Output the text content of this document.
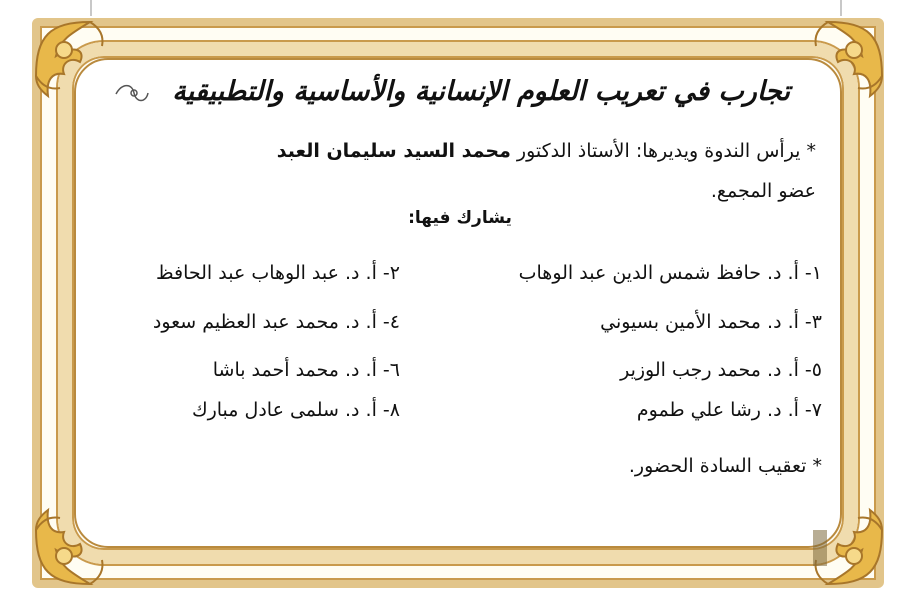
تجارب في تعريب العلوم الإنسانية والأساسية والتطبيقية
* يرأس الندوة ويديرها: الأستاذ الدكتور محمد السيد سليمان العبد
عضو المجمع.
يشارك فيها:
١- أ. د. حافظ شمس الدين عبد الوهاب
٢- أ. د. عبد الوهاب عبد الحافظ
٣- أ. د. محمد الأمين بسيوني
٤- أ. د. محمد عبد العظيم سعود
٥- أ. د. محمد رجب الوزير
٦- أ. د. محمد أحمد باشا
٧- أ. د. رشا علي طموم
٨- أ. د. سلمى عادل مبارك
* تعقيب السادة الحضور.
